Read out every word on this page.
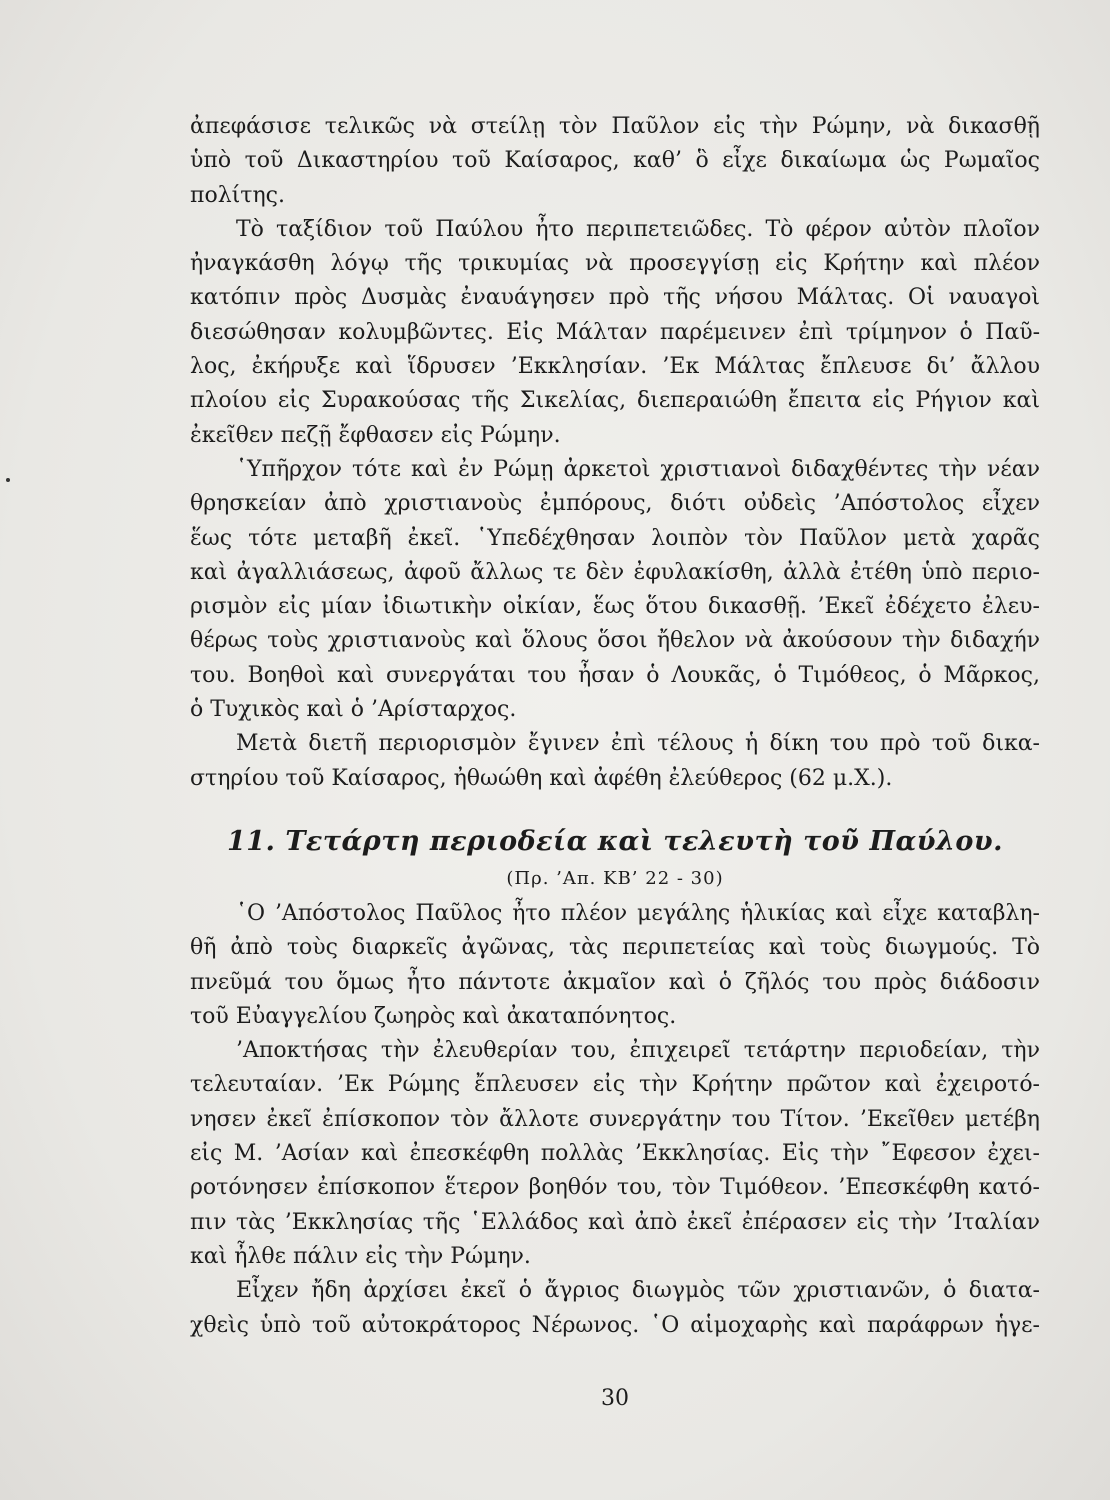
ἀπεφάσισε τελικῶς νὰ στείλῃ τὸν Παῦλον εἰς τὴν Ρώμην, νὰ δικασθῇ
ὑπὸ τοῦ Δικαστηρίου τοῦ Καίσαρος, καθ’ ὃ εἶχε δικαίωμα ὡς Ρωμαῖος
πολίτης.
Τὸ ταξίδιον τοῦ Παύλου ἦτο περιπετειῶδες. Τὸ φέρον αὐτὸν πλοῖον
ἠναγκάσθη λόγῳ τῆς τρικυμίας νὰ προσεγγίσῃ εἰς Κρήτην καὶ πλέον
κατόπιν πρὸς Δυσμὰς ἐναυάγησεν πρὸ τῆς νήσου Μάλτας. Οἱ ναυαγοὶ
διεσώθησαν κολυμβῶντες. Εἰς Μάλταν παρέμεινεν ἐπὶ τρίμηνον ὁ Παῦ-
λος, ἐκήρυξε καὶ ἵδρυσεν ’Εκκλησίαν. ’Εκ Μάλτας ἔπλευσε δι’ ἄλλου
πλοίου εἰς Συρακούσας τῆς Σικελίας, διεπεραιώθη ἔπειτα εἰς Ρήγιον καὶ
ἐκεῖθεν πεζῇ ἔφθασεν εἰς Ρώμην.
῾Υπῆρχον τότε καὶ ἐν Ρώμῃ ἀρκετοὶ χριστιανοὶ διδαχθέντες τὴν νέαν
θρησκείαν ἀπὸ χριστιανοὺς ἐμπόρους, διότι οὐδεὶς ’Απόστολος εἶχεν
ἕως τότε μεταβῆ ἐκεῖ. ῾Υπεδέχθησαν λοιπὸν τὸν Παῦλον μετὰ χαρᾶς
καὶ ἀγαλλιάσεως, ἀφοῦ ἄλλως τε δὲν ἐφυλακίσθη, ἀλλὰ ἐτέθη ὑπὸ περιο-
ρισμὸν εἰς μίαν ἰδιωτικὴν οἰκίαν, ἕως ὅτου δικασθῇ. ’Εκεῖ ἐδέχετο ἐλευ-
θέρως τοὺς χριστιανοὺς καὶ ὅλους ὅσοι ἤθελον νὰ ἀκούσουν τὴν διδαχήν
του. Βοηθοὶ καὶ συνεργάται του ἦσαν ὁ Λουκᾶς, ὁ Τιμόθεος, ὁ Μᾶρκος,
ὁ Τυχικὸς καὶ ὁ ’Αρίσταρχος.
Μετὰ διετῆ περιορισμὸν ἔγινεν ἐπὶ τέλους ἡ δίκη του πρὸ τοῦ δικα-
στηρίου τοῦ Καίσαρος, ἠθωώθη καὶ ἀφέθη ἐλεύθερος (62 μ.Χ.).
11. Τετάρτη περιοδεία καὶ τελευτὴ τοῦ Παύλου.
(Πρ. ’Απ. ΚΒ’ 22 - 30)
῾Ο ’Απόστολος Παῦλος ἦτο πλέον μεγάλης ἡλικίας καὶ εἶχε καταβλη-
θῆ ἀπὸ τοὺς διαρκεῖς ἀγῶνας, τὰς περιπετείας καὶ τοὺς διωγμούς. Τὸ
πνεῦμά του ὅμως ἦτο πάντοτε ἀκμαῖον καὶ ὁ ζῆλός του πρὸς διάδοσιν
τοῦ Εὐαγγελίου ζωηρὸς καὶ ἀκαταπόνητος.
’Αποκτήσας τὴν ἐλευθερίαν του, ἐπιχειρεῖ τετάρτην περιοδείαν, τὴν
τελευταίαν. ’Εκ Ρώμης ἔπλευσεν εἰς τὴν Κρήτην πρῶτον καὶ ἐχειροτό-
νησεν ἐκεῖ ἐπίσκοπον τὸν ἄλλοτε συνεργάτην του Τίτον. ’Εκεῖθεν μετέβη
εἰς Μ. ’Ασίαν καὶ ἐπεσκέφθη πολλὰς ’Εκκλησίας. Εἰς τὴν ῎Εφεσον ἐχει-
ροτόνησεν ἐπίσκοπον ἕτερον βοηθόν του, τὸν Τιμόθεον. ’Επεσκέφθη κατό-
πιν τὰς ’Εκκλησίας τῆς ῾Ελλάδος καὶ ἀπὸ ἐκεῖ ἐπέρασεν εἰς τὴν ’Ιταλίαν
καὶ ἦλθε πάλιν εἰς τὴν Ρώμην.
Εἶχεν ἤδη ἀρχίσει ἐκεῖ ὁ ἄγριος διωγμὸς τῶν χριστιανῶν, ὁ διατα-
χθεὶς ὑπὸ τοῦ αὐτοκράτορος Νέρωνος. ῾Ο αἱμοχαρὴς καὶ παράφρων ἡγε-
30
